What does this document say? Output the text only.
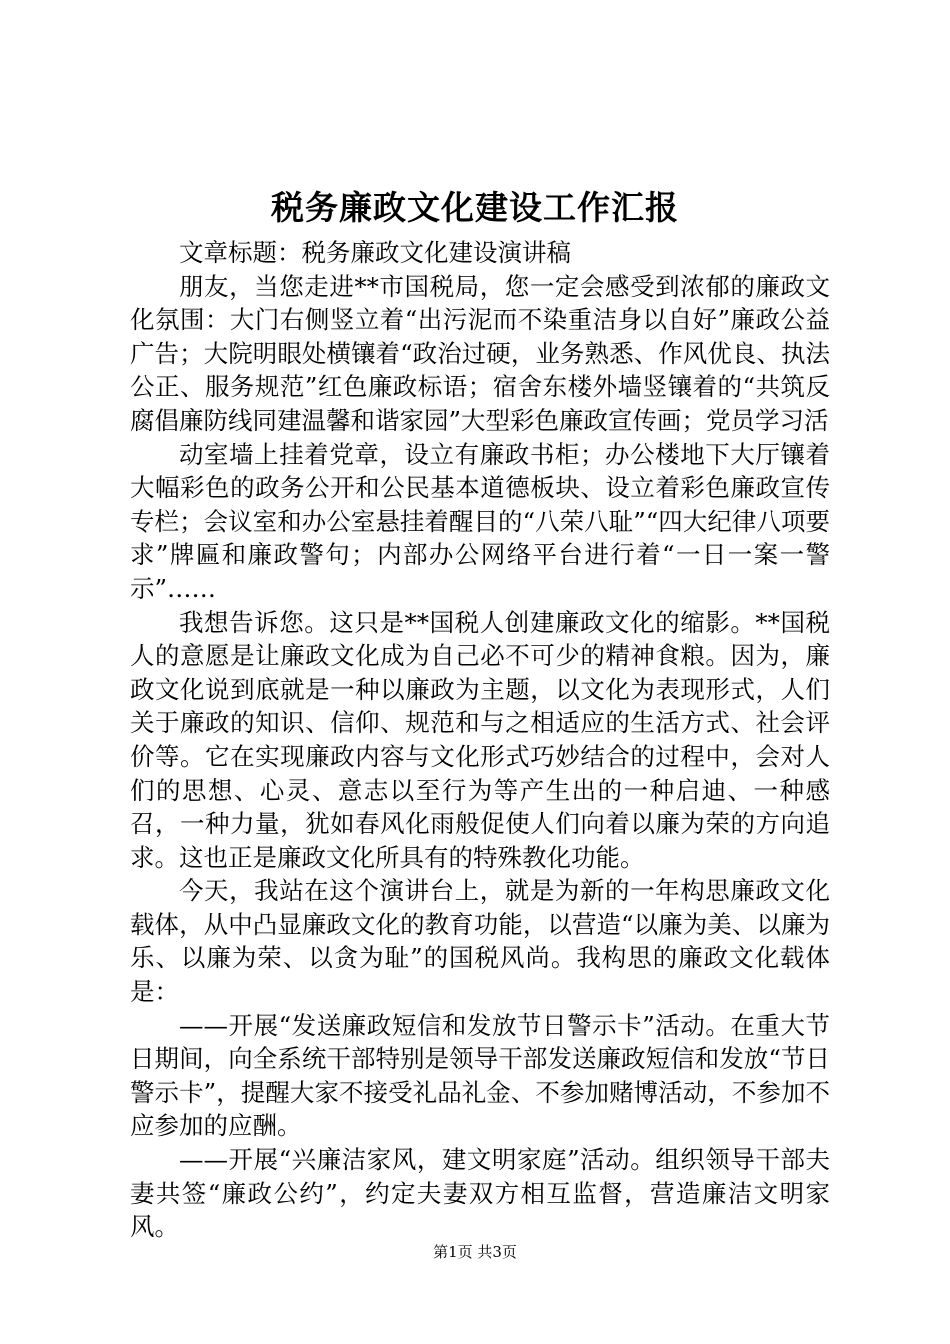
税务廉政文化建设工作汇报

文章标题：税务廉政文化建设演讲稿

朋友，当您走进**市国税局，您一定会感受到浓郁的廉政文化氛围：大门右侧竖立着“出污泥而不染重洁身以自好”廉政公益广告；大院明眼处横镶着“政治过硬，业务熟悉、作风优良、执法公正、服务规范”红色廉政标语；宿舍东楼外墙竖镶着的“共筑反腐倡廉防线同建温馨和谐家园”大型彩色廉政宣传画；党员学习活

动室墙上挂着党章，设立有廉政书柜；办公楼地下大厅镶着大幅彩色的政务公开和公民基本道德板块、设立着彩色廉政宣传专栏；会议室和办公室悬挂着醒目的“八荣八耻”“四大纪律八项要求”牌匾和廉政警句；内部办公网络平台进行着“一日一案一警示”……

我想告诉您。这只是**国税人创建廉政文化的缩影。**国税人的意愿是让廉政文化成为自己必不可少的精神食粮。因为，廉政文化说到底就是一种以廉政为主题，以文化为表现形式，人们关于廉政的知识、信仰、规范和与之相适应的生活方式、社会评价等。它在实现廉政内容与文化形式巧妙结合的过程中，会对人们的思想、心灵、意志以至行为等产生出的一种启迪、一种感召，一种力量，犹如春风化雨般促使人们向着以廉为荣的方向追求。这也正是廉政文化所具有的特殊教化功能。

今天，我站在这个演讲台上，就是为新的一年构思廉政文化载体，从中凸显廉政文化的教育功能，以营造“以廉为美、以廉为乐、以廉为荣、以贪为耻”的国税风尚。我构思的廉政文化载体是：

——开展“发送廉政短信和发放节日警示卡”活动。在重大节日期间，向全系统干部特别是领导干部发送廉政短信和发放“节日警示卡”，提醒大家不接受礼品礼金、不参加赌博活动，不参加不应参加的应酬。

——开展“兴廉洁家风，建文明家庭”活动。组织领导干部夫妻共签“廉政公约”，约定夫妻双方相互监督，营造廉洁文明家风。

第1页 共3页
